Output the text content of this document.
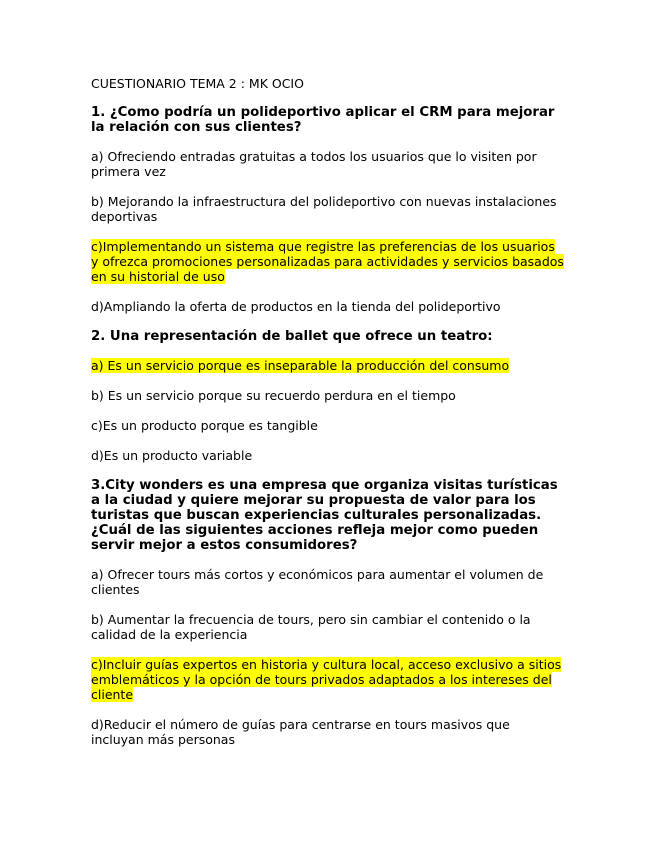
CUESTIONARIO TEMA 2 : MK OCIO

1. ¿Como podría un polideportivo aplicar el CRM para mejorar la relación con sus clientes?

a) Ofreciendo entradas gratuitas a todos los usuarios que lo visiten por primera vez

b) Mejorando la infraestructura del polideportivo con nuevas instalaciones deportivas

c)Implementando un sistema que registre las preferencias de los usuarios y ofrezca promociones personalizadas para actividades y servicios basados en su historial de uso

d)Ampliando la oferta de productos en la tienda del polideportivo

2. Una representación de ballet que ofrece un teatro:

a) Es un servicio porque es inseparable la producción del consumo

b) Es un servicio porque su recuerdo perdura en el tiempo

c)Es un producto porque es tangible

d)Es un producto variable

3.City wonders es una empresa que organiza visitas turísticas a la ciudad y quiere mejorar su propuesta de valor para los turistas que buscan experiencias culturales personalizadas. ¿Cuál de las siguientes acciones refleja mejor como pueden servir mejor a estos consumidores?

a) Ofrecer tours más cortos y económicos para aumentar el volumen de clientes

b) Aumentar la frecuencia de tours, pero sin cambiar el contenido o la calidad de la experiencia

c)Incluir guías expertos en historia y cultura local, acceso exclusivo a sitios emblemáticos y la opción de tours privados adaptados a los intereses del cliente

d)Reducir el número de guías para centrarse en tours masivos que incluyan más personas
